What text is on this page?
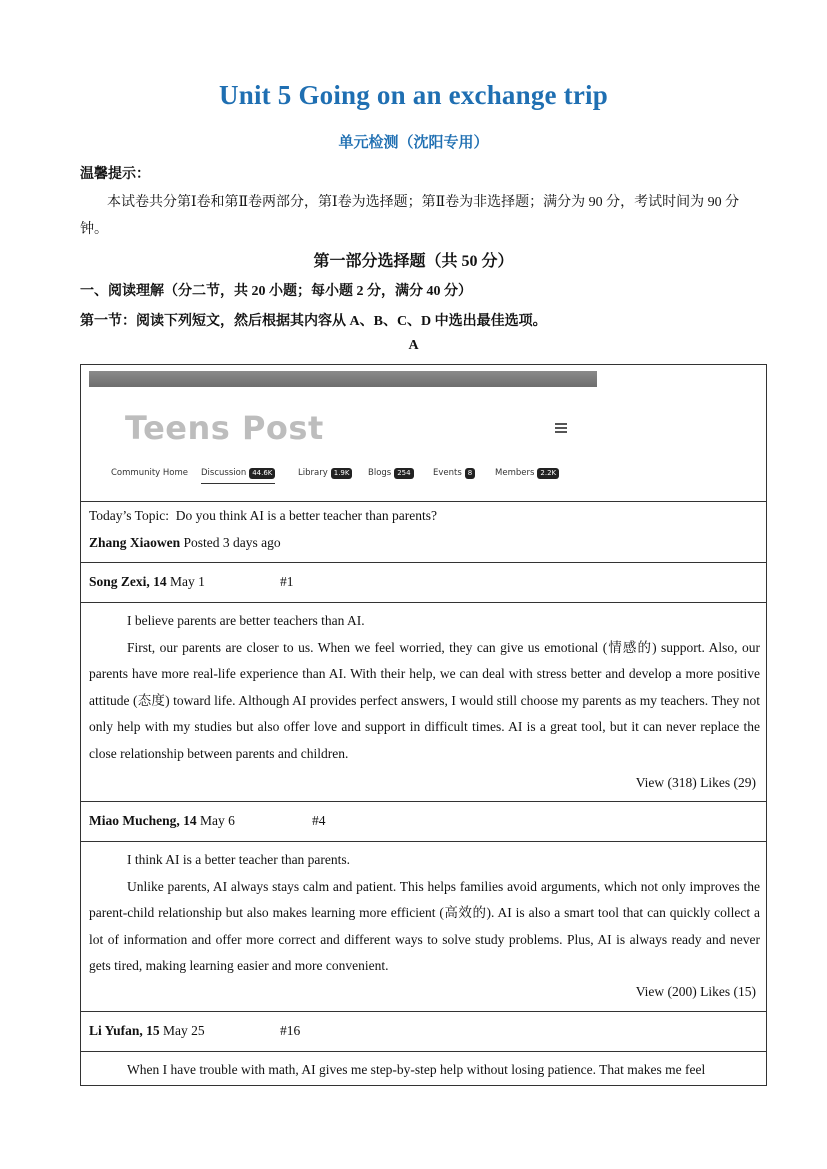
Unit 5 Going on an exchange trip
单元检测（沈阳专用）
温馨提示：
本试卷共分第Ⅰ卷和第Ⅱ卷两部分，第Ⅰ卷为选择题；第Ⅱ卷为非选择题；满分为 90 分，考试时间为 90 分钟。
第一部分选择题（共 50 分）
一、阅读理解（分二节，共 20 小题；每小题 2 分，满分 40 分）
第一节：阅读下列短文，然后根据其内容从 A、B、C、D 中选出最佳选项。
A
Teens Post
Community Home Discussion 44.6K	Library 1.9K	Blogs 254	Events 8	Members 2.2K
Today’s Topic: Do you think AI is a better teacher than parents?
Zhang Xiaowen Posted 3 days ago
Song Zexi, 14 May 1	#1

I believe parents are better teachers than AI.

First, our parents are closer to us. When we feel worried, they can give us emotional (情感的) support. Also, our parents have more real-life experience than AI. With their help, we can deal with stress better and develop a more positive attitude (态度) toward life. Although AI provides perfect answers, I would still choose my parents as my teachers. They not only help with my studies but also offer love and support in difficult times. AI is a great tool, but it can never replace the close relationship between parents and children.

View (318) Likes (29)
Miao Mucheng, 14 May 6	#4

I think AI is a better teacher than parents.

Unlike parents, AI always stays calm and patient. This helps families avoid arguments, which not only improves the parent-child relationship but also makes learning more efficient (高效的). AI is also a smart tool that can quickly collect a lot of information and offer more correct and different ways to solve study problems. Plus, AI is always ready and never gets tired, making learning easier and more convenient.

View (200) Likes (15)
Li Yufan, 15 May 25	#16

When I have trouble with math, AI gives me step-by-step help without losing patience. That makes me feel
